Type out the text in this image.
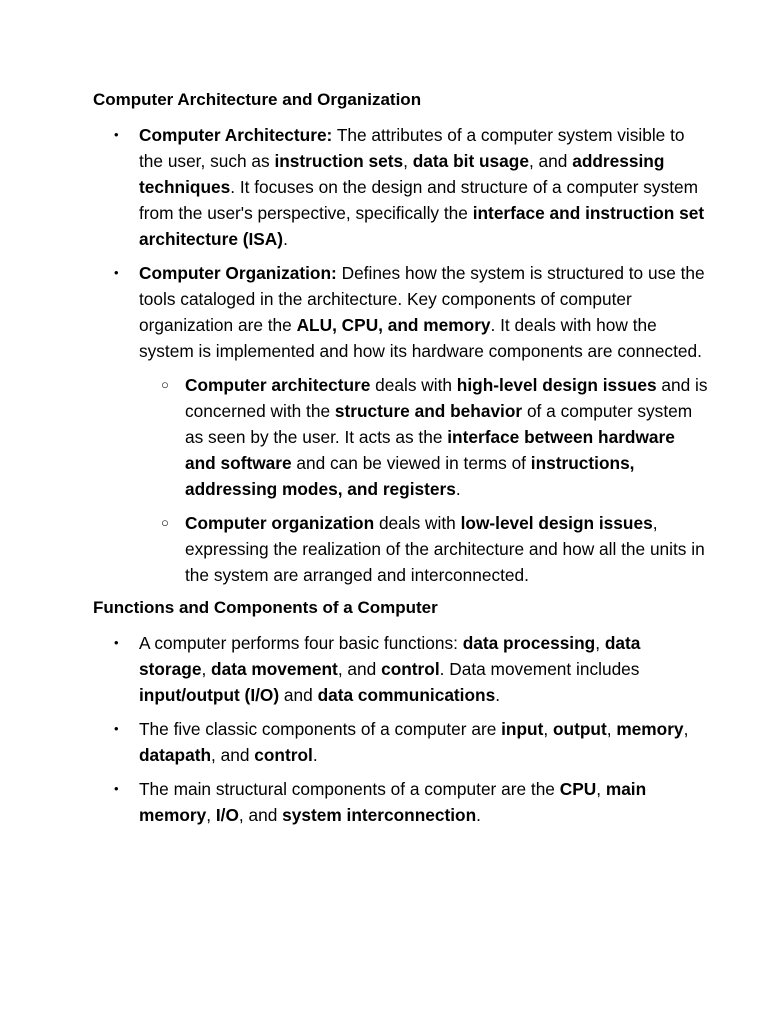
Computer Architecture and Organization

• Computer Architecture: The attributes of a computer system visible to the user, such as instruction sets, data bit usage, and addressing techniques. It focuses on the design and structure of a computer system from the user's perspective, specifically the interface and instruction set architecture (ISA).
• Computer Organization: Defines how the system is structured to use the tools cataloged in the architecture. Key components of computer organization are the ALU, CPU, and memory. It deals with how the system is implemented and how its hardware components are connected.
○ Computer architecture deals with high-level design issues and is concerned with the structure and behavior of a computer system as seen by the user. It acts as the interface between hardware and software and can be viewed in terms of instructions, addressing modes, and registers.
○ Computer organization deals with low-level design issues, expressing the realization of the architecture and how all the units in the system are arranged and interconnected.

Functions and Components of a Computer

• A computer performs four basic functions: data processing, data storage, data movement, and control. Data movement includes input/output (I/O) and data communications.
• The five classic components of a computer are input, output, memory, datapath, and control.
• The main structural components of a computer are the CPU, main memory, I/O, and system interconnection.
